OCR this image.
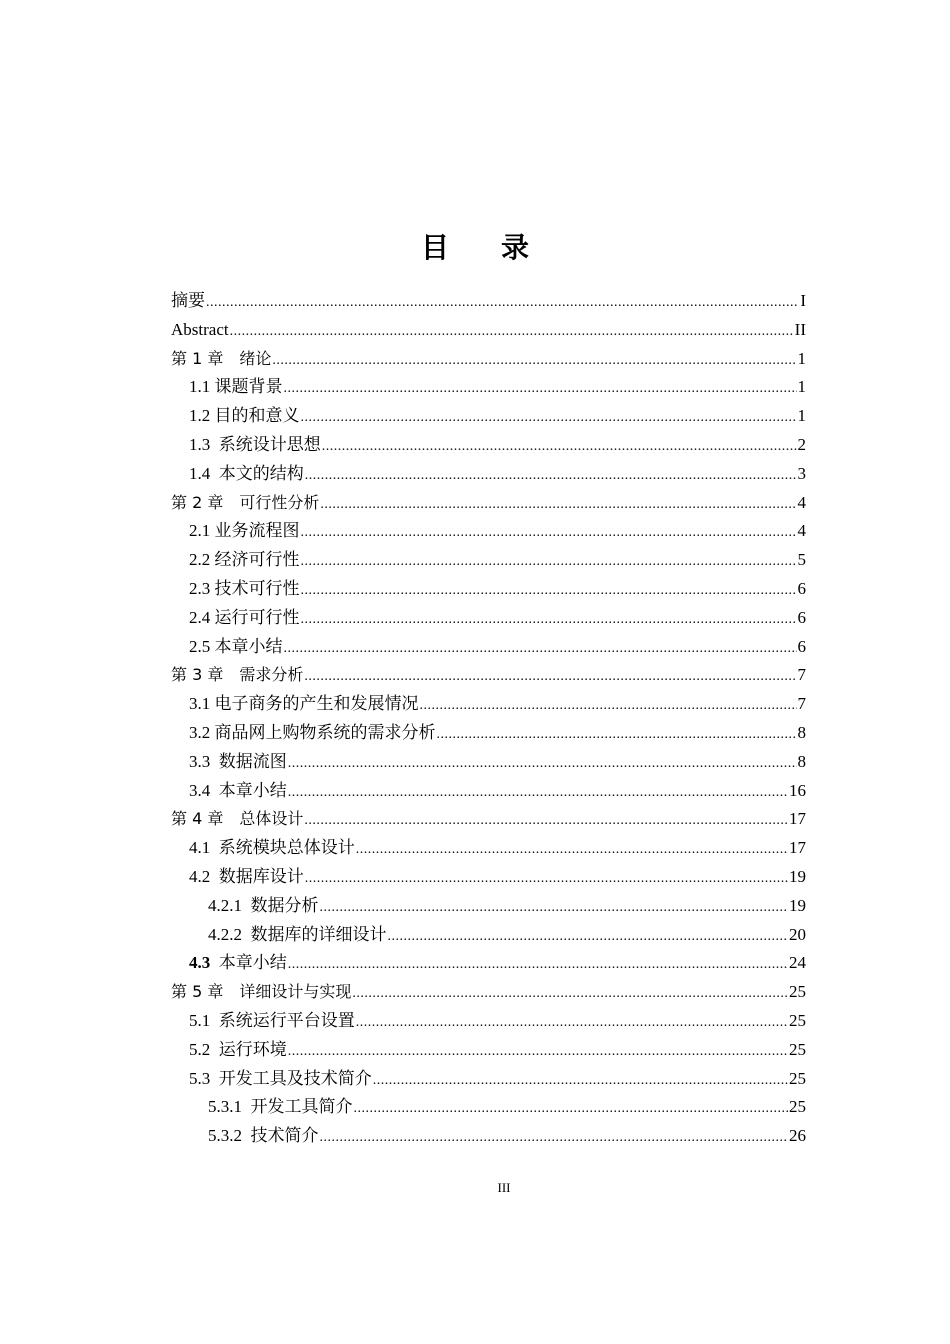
目 录
摘要 .....	I
Abstract .....	II
第 1 章　绪论 .....	1
1.1 课题背景 .....	1
1.2 目的和意义 .....	1
1.3  系统设计思想 .....	2
1.4  本文的结构 .....	3
第 2 章　可行性分析 .....	4
2.1 业务流程图 .....	4
2.2 经济可行性 .....	5
2.3 技术可行性 .....	6
2.4 运行可行性 .....	6
2.5 本章小结 .....	6
第 3 章　需求分析 .....	7
3.1 电子商务的产生和发展情况 .....	7
3.2 商品网上购物系统的需求分析 .....	8
3.3  数据流图 .....	8
3.4  本章小结 .....	16
第 4 章　总体设计 .....	17
4.1  系统模块总体设计 .....	17
4.2  数据库设计 .....	19
4.2.1  数据分析 .....	19
4.2.2  数据库的详细设计 .....	20
4.3  本章小结 .....	24
第 5 章　详细设计与实现 .....	25
5.1  系统运行平台设置 .....	25
5.2  运行环境 .....	25
5.3  开发工具及技术简介 .....	25
5.3.1  开发工具简介 .....	25
5.3.2  技术简介 .....	26
III
